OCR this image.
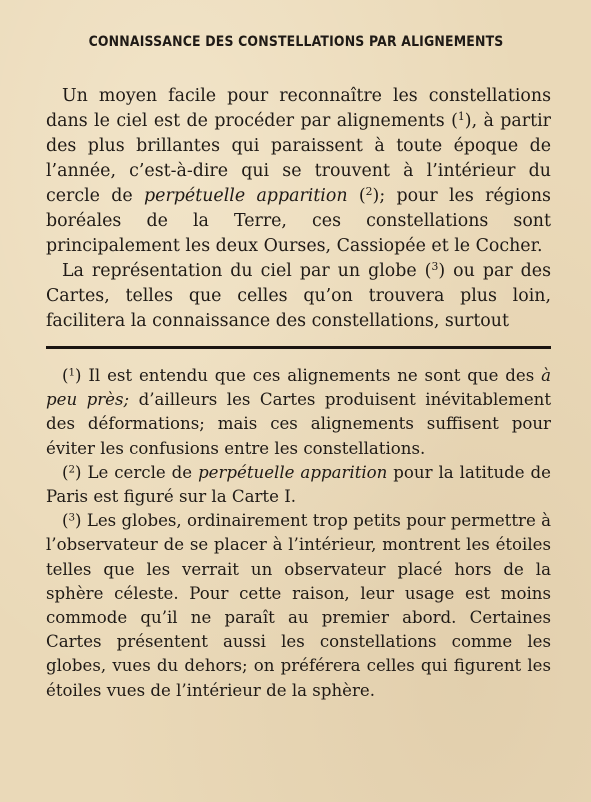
CONNAISSANCE DES CONSTELLATIONS PAR ALIGNEMENTS

Un moyen facile pour reconnaître les constellations dans le ciel est de procéder par alignements ($^1$), à partir des plus brillantes qui paraissent à toute époque de l’année, c’est-à-dire qui se trouvent à l’intérieur du cercle de perpétuelle apparition ($^2$); pour les régions boréales de la Terre, ces constellations sont principalement les deux Ourses, Cassiopée et le Cocher.

La représentation du ciel par un globe ($^3$) ou par des Cartes, telles que celles qu’on trouvera plus loin, facilitera la connaissance des constellations, surtout

($^1$) Il est entendu que ces alignements ne sont que des à peu près; d’ailleurs les Cartes produisent inévitablement des déformations; mais ces alignements suffisent pour éviter les confusions entre les constellations.

($^2$) Le cercle de perpétuelle apparition pour la latitude de Paris est figuré sur la Carte I.

($^3$) Les globes, ordinairement trop petits pour permettre à l’observateur de se placer à l’intérieur, montrent les étoiles telles que les verrait un observateur placé hors de la sphère céleste. Pour cette raison, leur usage est moins commode qu’il ne paraît au premier abord. Certaines Cartes présentent aussi les constellations comme les globes, vues du dehors; on préférera celles qui figurent les étoiles vues de l’intérieur de la sphère.
